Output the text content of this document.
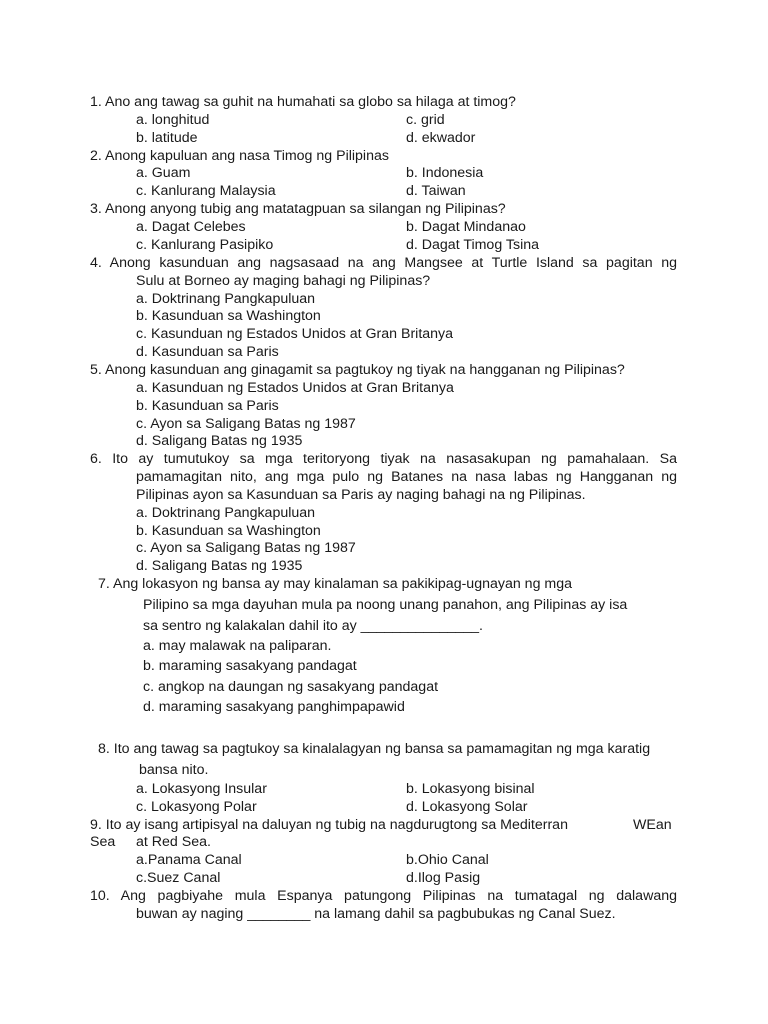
1. Ano ang tawag sa guhit na humahati sa globo sa hilaga at timog?
a. longhitud	c. grid
b. latitude	d. ekwador
2. Anong kapuluan ang nasa Timog ng Pilipinas
a. Guam	b. Indonesia
c. Kanlurang Malaysia	d. Taiwan
3. Anong anyong tubig ang matatagpuan sa silangan ng Pilipinas?
a. Dagat Celebes	b. Dagat Mindanao
c. Kanlurang Pasipiko	d. Dagat Timog Tsina
4. Anong kasunduan ang nagsasaad na ang Mangsee at Turtle Island sa pagitan ng
Sulu at Borneo ay maging bahagi ng Pilipinas?
a. Doktrinang Pangkapuluan
b. Kasunduan sa Washington
c. Kasunduan ng Estados Unidos at Gran Britanya
d. Kasunduan sa Paris
5. Anong kasunduan ang ginagamit sa pagtukoy ng tiyak na hangganan ng Pilipinas?
a. Kasunduan ng Estados Unidos at Gran Britanya
b. Kasunduan sa Paris
c. Ayon sa Saligang Batas ng 1987
d. Saligang Batas ng 1935
6. Ito ay tumutukoy sa mga teritoryong tiyak na nasasakupan ng pamahalaan. Sa
pamamagitan nito, ang mga pulo ng Batanes na nasa labas ng Hangganan ng
Pilipinas ayon sa Kasunduan sa Paris ay naging bahagi na ng Pilipinas.
a. Doktrinang Pangkapuluan
b. Kasunduan sa Washington
c. Ayon sa Saligang Batas ng 1987
d. Saligang Batas ng 1935
7. Ang lokasyon ng bansa ay may kinalaman sa pakikipag-ugnayan ng mga
Pilipino sa mga dayuhan mula pa noong unang panahon, ang Pilipinas ay isa
sa sentro ng kalakalan dahil ito ay _______________.
a. may malawak na paliparan.
b. maraming sasakyang pandagat
c. angkop na daungan ng sasakyang pandagat
d. maraming sasakyang panghimpapawid
8. Ito ang tawag sa pagtukoy sa kinalalagyan ng bansa sa pamamagitan ng mga karatig
bansa nito.
a. Lokasyong Insular	b. Lokasyong bisinal
c. Lokasyong Polar	d. Lokasyong Solar
9. Ito ay isang artipisyal na daluyan ng tubig na nagdurugtong sa Mediterran	WEan
Sea at Red Sea.
a.Panama Canal	b.Ohio Canal
c.Suez Canal	d.Ilog Pasig
10. Ang pagbiyahe mula Espanya patungong Pilipinas na tumatagal ng dalawang
buwan ay naging ________ na lamang dahil sa pagbubukas ng Canal Suez.
